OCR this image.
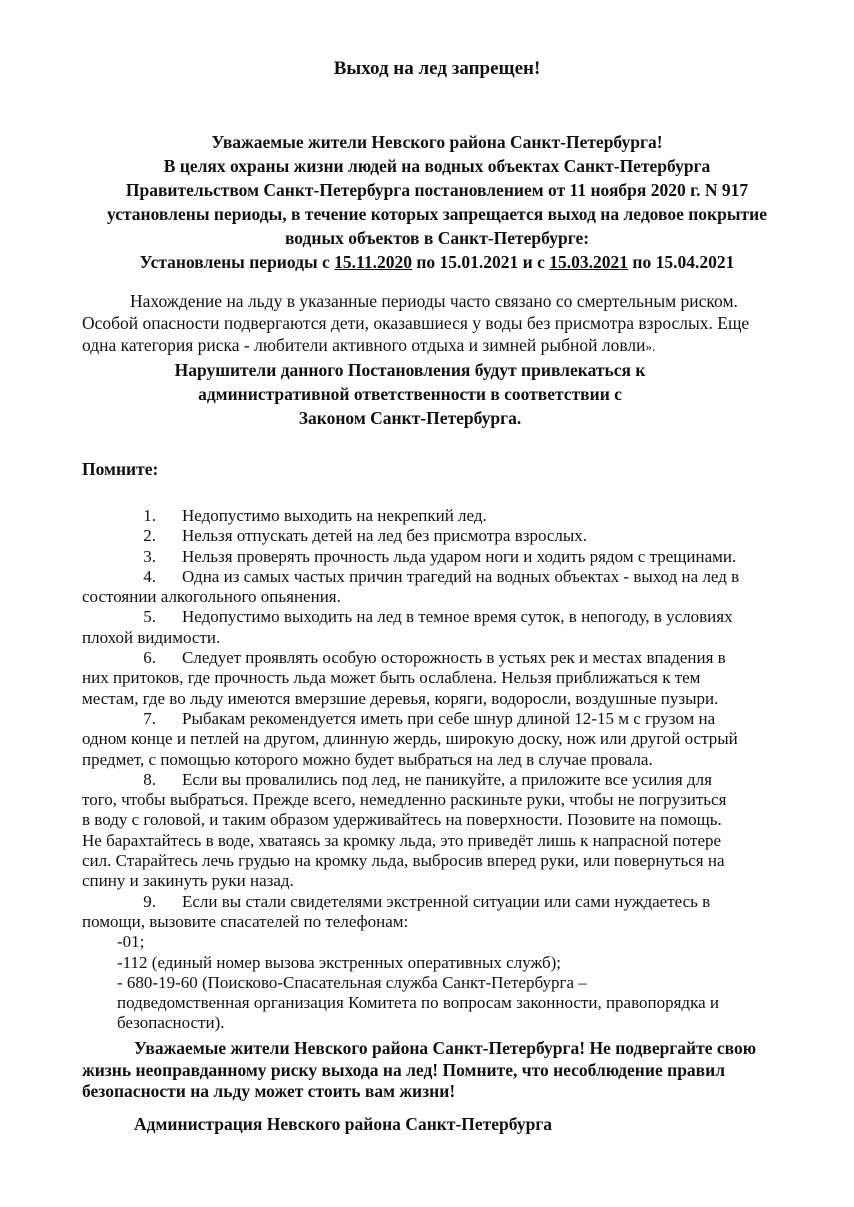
Выход на лед запрещен!
Уважаемые жители Невского района Санкт-Петербурга!
В целях охраны жизни людей на водных объектах Санкт-Петербурга
Правительством Санкт-Петербурга постановлением от 11 ноября 2020 г. N 917
установлены периоды, в течение которых запрещается выход на ледовое покрытие
водных объектов в Санкт-Петербурге:
Установлены периоды с 15.11.2020 по 15.01.2021 и с 15.03.2021 по 15.04.2021
Нахождение на льду в указанные периоды часто связано со смертельным риском.
Особой опасности подвергаются дети, оказавшиеся у воды без присмотра взрослых. Еще
одна категория риска - любители активного отдыха и зимней рыбной ловли».
Нарушители данного Постановления будут привлекаться к
административной ответственности в соответствии с
Законом Санкт-Петербурга.
Помните:
1. Недопустимо выходить на некрепкий лед.
2. Нельзя отпускать детей на лед без присмотра взрослых.
3. Нельзя проверять прочность льда ударом ноги и ходить рядом с трещинами.
4. Одна из самых частых причин трагедий на водных объектах - выход на лед в
состоянии алкогольного опьянения.
5. Недопустимо выходить на лед в темное время суток, в непогоду, в условиях
плохой видимости.
6. Следует проявлять особую осторожность в устьях рек и местах впадения в
них притоков, где прочность льда может быть ослаблена. Нельзя приближаться к тем
местам, где во льду имеются вмерзшие деревья, коряги, водоросли, воздушные пузыри.
7. Рыбакам рекомендуется иметь при себе шнур длиной 12-15 м с грузом на
одном конце и петлей на другом, длинную жердь, широкую доску, нож или другой острый
предмет, с помощью которого можно будет выбраться на лед в случае провала.
8. Если вы провалились под лед, не паникуйте, а приложите все усилия для
того, чтобы выбраться. Прежде всего, немедленно раскиньте руки, чтобы не погрузиться
в воду с головой, и таким образом удерживайтесь на поверхности. Позовите на помощь.
Не барахтайтесь в воде, хватаясь за кромку льда, это приведёт лишь к напрасной потере
сил. Старайтесь лечь грудью на кромку льда, выбросив вперед руки, или повернуться на
спину и закинуть руки назад.
9. Если вы стали свидетелями экстренной ситуации или сами нуждаетесь в
помощи, вызовите спасателей по телефонам:
-01;
-112 (единый номер вызова экстренных оперативных служб);
- 680-19-60 (Поисково-Спасательная служба Санкт-Петербурга –
подведомственная организация Комитета по вопросам законности, правопорядка и
безопасности).
Уважаемые жители Невского района Санкт-Петербурга! Не подвергайте свою
жизнь неоправданному риску выхода на лед! Помните, что несоблюдение правил
безопасности на льду может стоить вам жизни!
Администрация Невского района Санкт-Петербурга
